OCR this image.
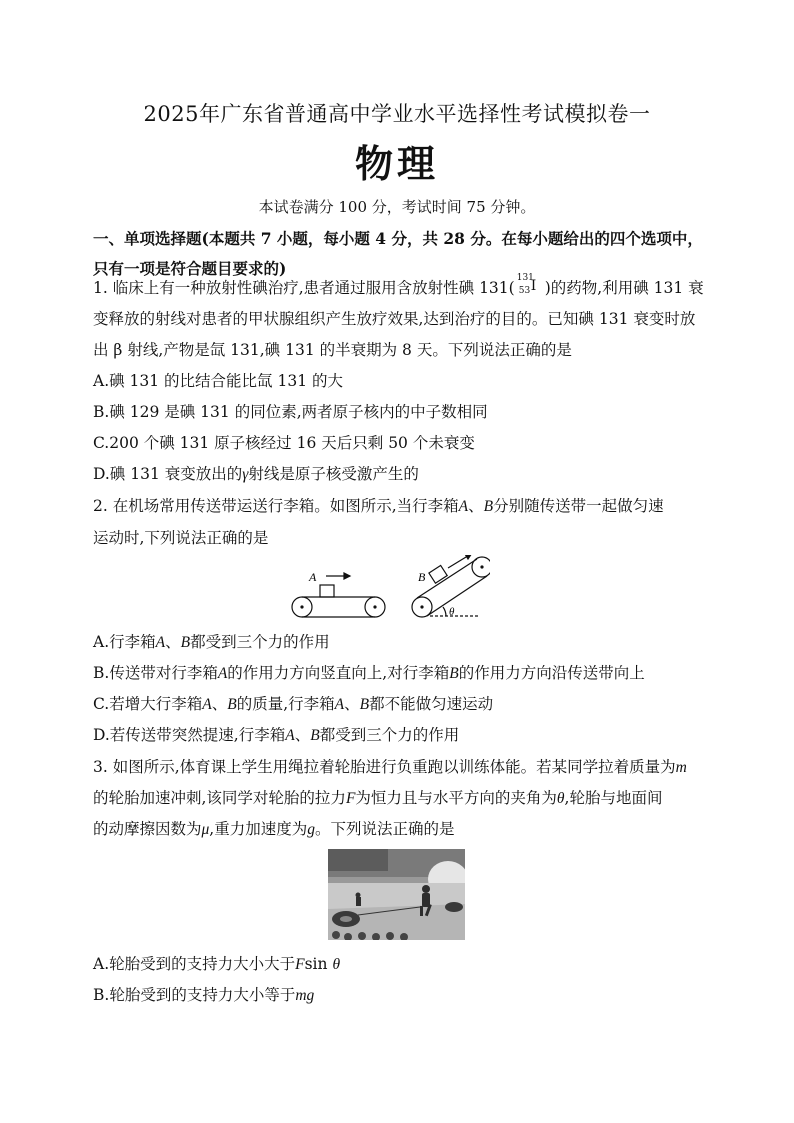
2025年广东省普通高中学业水平选择性考试模拟卷一
物理
本试卷满分 100 分，考试时间 75 分钟。
一、单项选择题(本题共 7 小题，每小题 4 分，共 28 分。在每小题给出的四个选项中，
只有一项是符合题目要求的)
1. 临床上有一种放射性碘治疗,患者通过服用含放射性碘 131(
131
53 I )的药物,利用碘 131 衰
变释放的射线对患者的甲状腺组织产生放疗效果,达到治疗的目的。已知碘 131 衰变时放
出 β 射线,产物是氙 131,碘 131 的半衰期为 8 天。下列说法正确的是
A.碘 131 的比结合能比氙 131 的大
B.碘 129 是碘 131 的同位素,两者原子核内的中子数相同
C.200 个碘 131 原子核经过 16 天后只剩 50 个未衰变
D.碘 131 衰变放出的γ射线是原子核受激产生的
2. 在机场常用传送带运送行李箱。如图所示,当行李箱A、B分别随传送带一起做匀速
运动时,下列说法正确的是
A	B
θ
A.行李箱A、B都受到三个力的作用
B.传送带对行李箱A的作用力方向竖直向上,对行李箱B的作用力方向沿传送带向上
C.若增大行李箱A、B的质量,行李箱A、B都不能做匀速运动
D.若传送带突然提速,行李箱A、B都受到三个力的作用
3. 如图所示,体育课上学生用绳拉着轮胎进行负重跑以训练体能。若某同学拉着质量为m
的轮胎加速冲刺,该同学对轮胎的拉力F为恒力且与水平方向的夹角为θ,轮胎与地面间
的动摩擦因数为μ,重力加速度为g。下列说法正确的是
A.轮胎受到的支持力大小大于Fsin θ
B.轮胎受到的支持力大小等于mg
